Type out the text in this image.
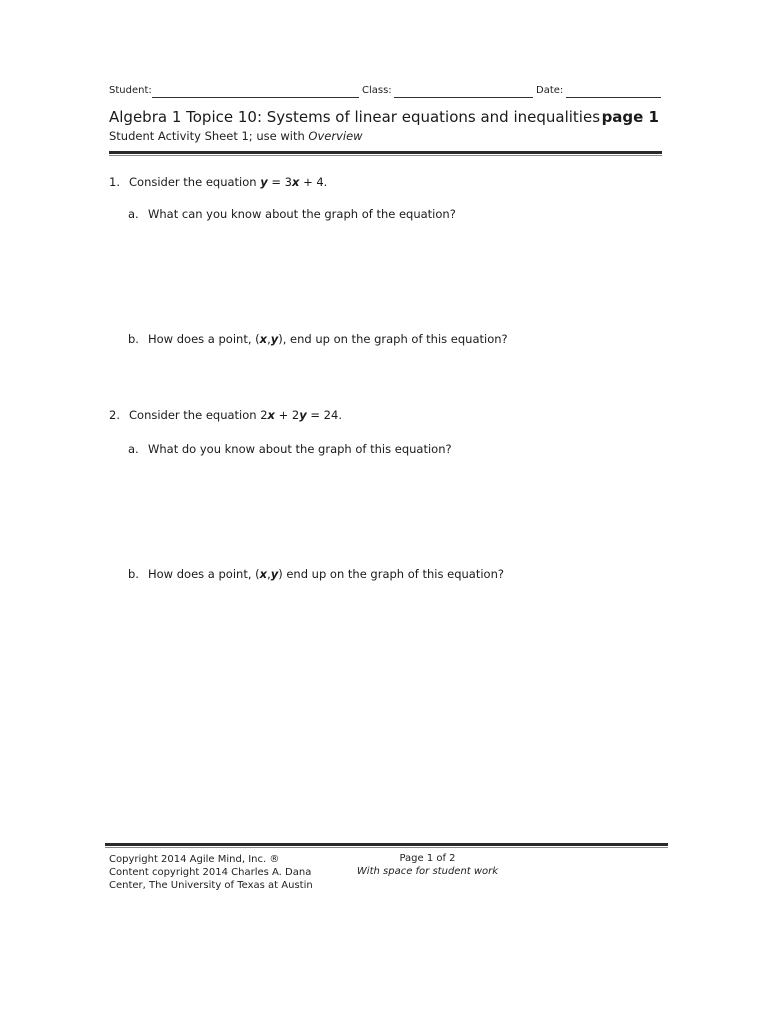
Student:	Class:	Date:
Algebra 1 Topice 10: Systems of linear equations and inequalities page 1
Student Activity Sheet 1; use with Overview
1. Consider the equation y = 3x + 4.
a. What can you know about the graph of the equation?
b. How does a point, (x,y), end up on the graph of this equation?
2. Consider the equation 2x + 2y = 24.
a. What do you know about the graph of this equation?
b. How does a point, (x,y) end up on the graph of this equation?
Copyright 2014 Agile Mind, Inc. ®
Content copyright 2014 Charles A. Dana
Center, The University of Texas at Austin
Page 1 of 2
With space for student work
